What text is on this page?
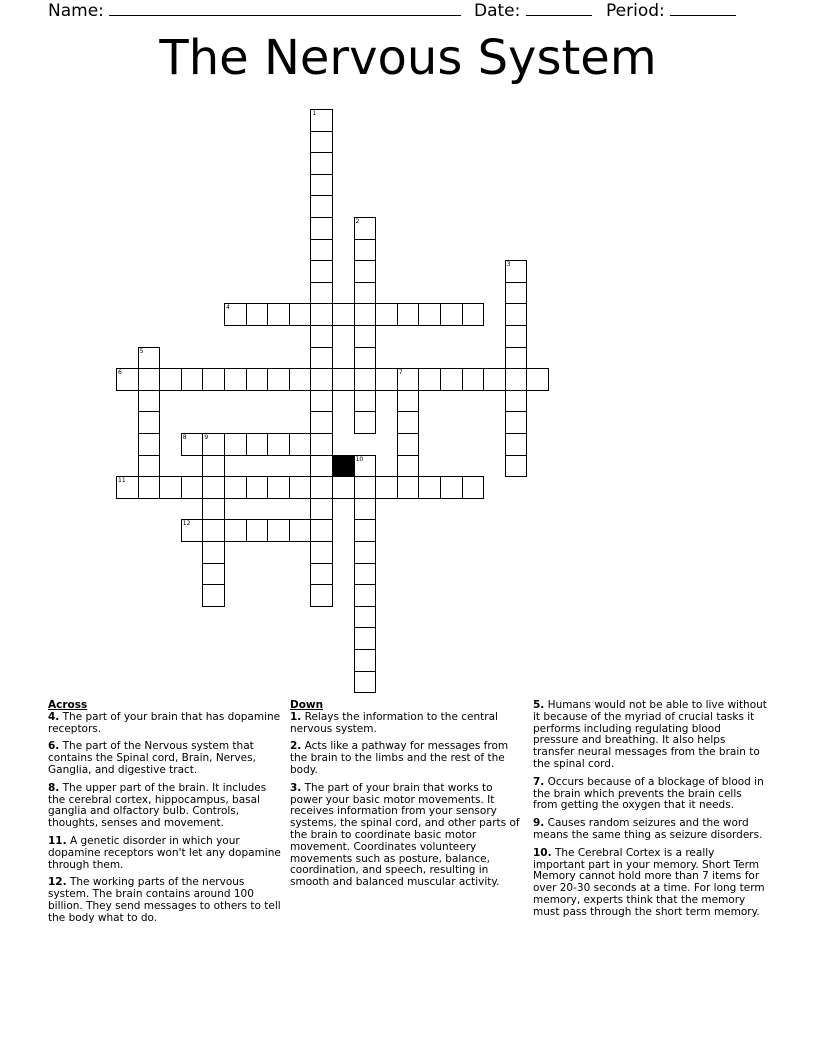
Name:	Date:	Period:
The Nervous System
1
2
3
5
7
9
10
4
6
8
11
12
Across
4. The part of your brain that has dopamine receptors.
6. The part of the Nervous system that contains the Spinal cord, Brain, Nerves, Ganglia, and digestive tract.
8. The upper part of the brain. It includes the cerebral cortex, hippocampus, basal ganglia and olfactory bulb. Controls, thoughts, senses and movement.
11. A genetic disorder in which your dopamine receptors won't let any dopamine through them.
12. The working parts of the nervous system. The brain contains around 100 billion. They send messages to others to tell the body what to do.
Down
1. Relays the information to the central nervous system.
2. Acts like a pathway for messages from the brain to the limbs and the rest of the body.
3. The part of your brain that works to power your basic motor movements. It receives information from your sensory systems, the spinal cord, and other parts of the brain to coordinate basic motor movement. Coordinates volunteery movements such as posture, balance, coordination, and speech, resulting in smooth and balanced muscular activity.
5. Humans would not be able to live without it because of the myriad of crucial tasks it performs including regulating blood pressure and breathing. It also helps transfer neural messages from the brain to the spinal cord.
7. Occurs because of a blockage of blood in the brain which prevents the brain cells from getting the oxygen that it needs.
9. Causes random seizures and the word means the same thing as seizure disorders.
10. The Cerebral Cortex is a really important part in your memory. Short Term Memory cannot hold more than 7 items for over 20-30 seconds at a time. For long term memory, experts think that the memory must pass through the short term memory.
